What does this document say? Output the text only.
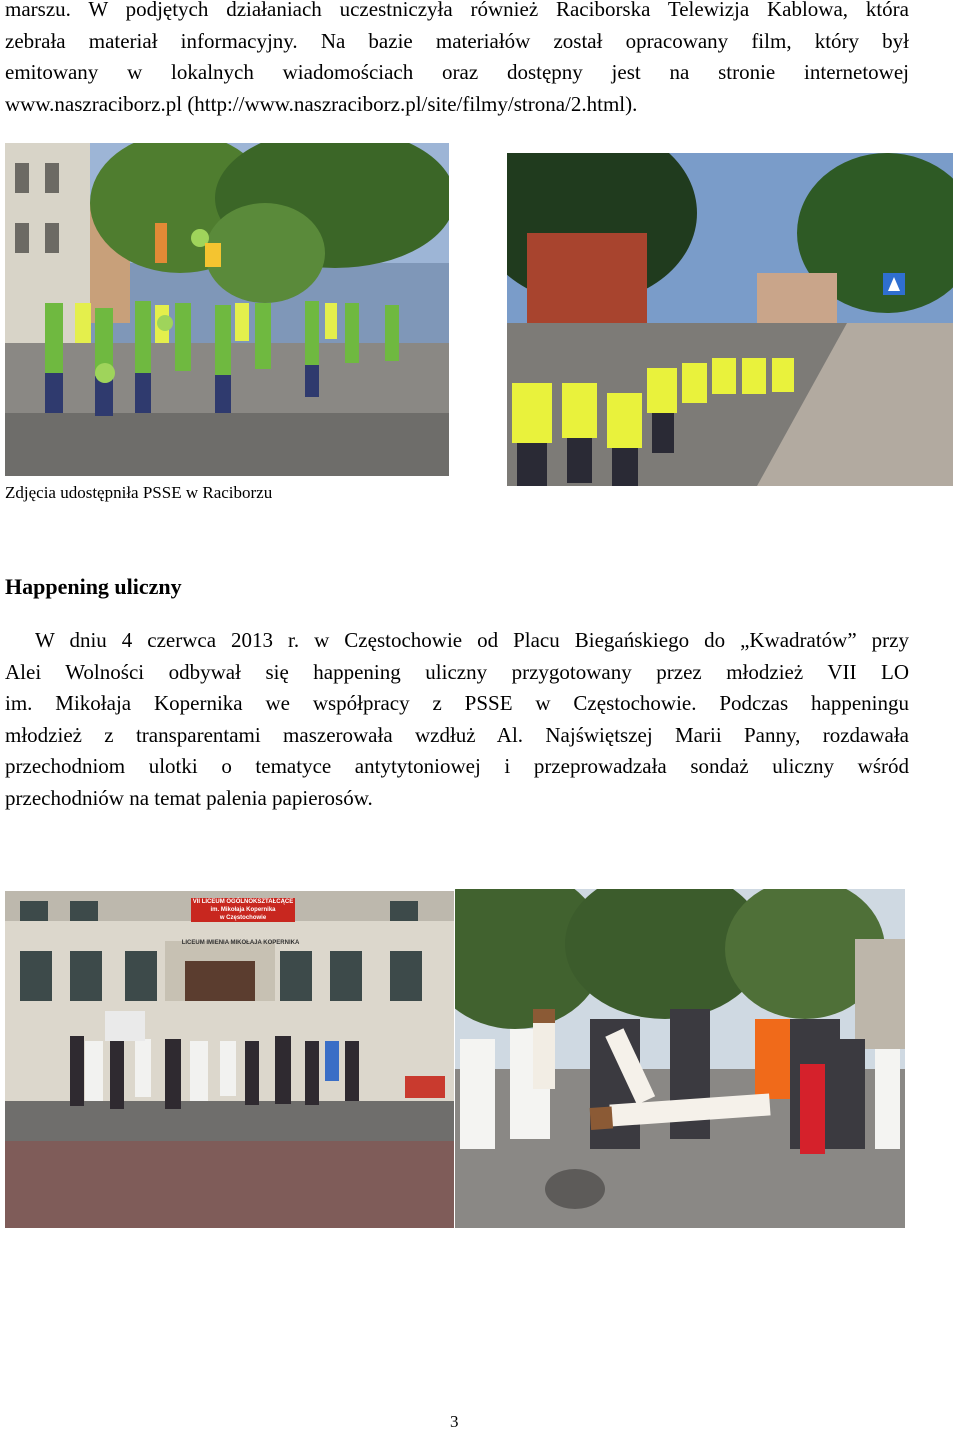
marszu. W podjętych działaniach uczestniczyła również Raciborska Telewizja Kablowa, która
zebrała materiał informacyjny. Na bazie materiałów został opracowany film, który był
emitowany w lokalnych wiadomościach oraz dostępny jest na stronie internetowej
www.naszraciborz.pl (http://www.naszraciborz.pl/site/filmy/strona/2.html).

Zdjęcia udostępniła PSSE w Raciborzu

Happening uliczny
W dniu 4 czerwca 2013 r. w Częstochowie od Placu Biegańskiego do „Kwadratów” przy
Alei Wolności odbywał się happening uliczny przygotowany przez młodzież VII LO
im. Mikołaja Kopernika we współpracy z PSSE w Częstochowie. Podczas happeningu
młodzież z transparentami maszerowała wzdłuż Al. Najświętszej Marii Panny, rozdawała
przechodniom ulotki o tematyce antytytoniowej i przeprowadzała sondaż uliczny wśród
przechodniów na temat palenia papierosów.
VII LICEUM OGÓLNOKSZTAŁCĄCE
im. Mikołaja Kopernika
w Częstochowie
LICEUM IMIENIA MIKOŁAJA KOPERNIKA
3
